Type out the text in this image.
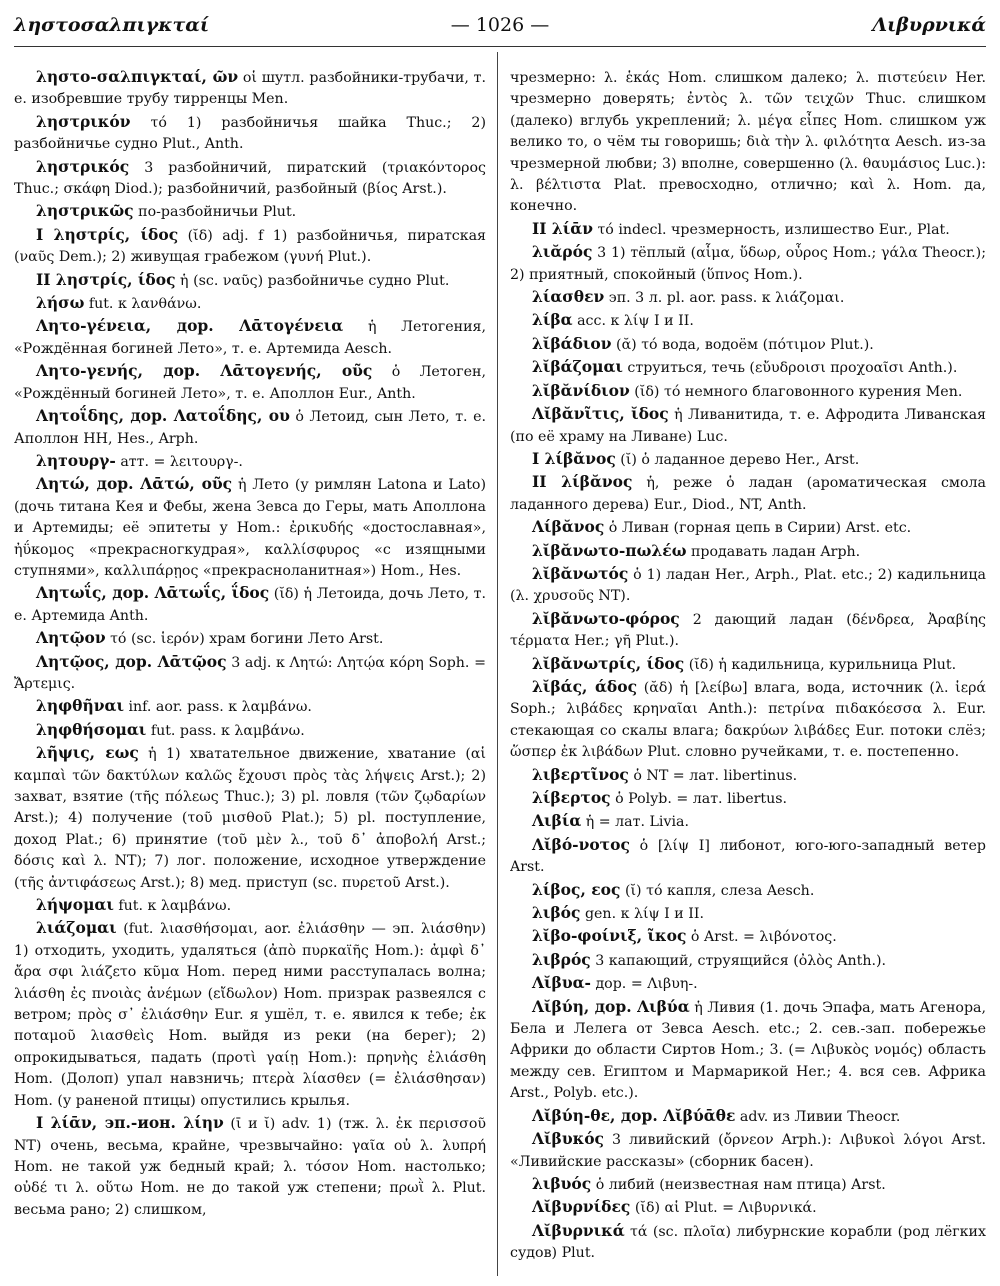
ληστοσαλπιγκταί	— 1026 —	Λιβυρνικά

ληστο-σαλπιγκταί, ῶν οἱ шутл. разбойники-трубачи, т. е. изобревшие трубу тирренцы Men.

ληστρικόν τό 1) разбойничья шайка Thuc.; 2) разбойничье судно Plut., Anth.

ληστρικός 3 разбойничий, пиратский (τριακόντορος Thuc.; σκάφη Diod.); разбойничий, разбойный (βίος Arst.).

ληστρικῶς по-разбойничьи Plut.

I ληστρίς, ίδος (ῐδ) adj. f 1) разбойничья, пиратская (ναῦς Dem.); 2) живущая грабежом (γυνή Plut.).

II ληστρίς, ίδος ἡ (sc. ναῦς) разбойничье судно Plut.

λήσω fut. к λανθάνω.

Λητο-γένεια, дор. Λᾱτογένεια ἡ Летогения, «Рождённая богиней Лето», т. е. Артемида Aesch.

Λητο-γενής, дор. Λᾱτογενής, οῦς ὁ Летоген, «Рождённый богиней Лето», т. е. Аполлон Eur., Anth.

Λητοΐδης, дор. Λατοΐδης, ου ὁ Летоид, сын Лето, т. е. Аполлон HH, Hes., Arph.

ληтоυργ- атт. = λειτουργ-.

Λητώ, дор. Λᾱτώ, οῦς ἡ Лето (у римлян Latona и Lato) (дочь титана Кея и Фебы, жена Зевса до Геры, мать Аполлона и Артемиды; её эпитеты у Hom.: ἐρικυδής «достославная», ἠΰκομος «прекрасногкудрая», καλλίσφυρος «с изящными ступнями», καλλιπάρῃος «прекрасноланитная») Hom., Hes.

Λητωΐς, дор. Λᾱτωΐς, ΐδος (ῐδ) ἡ Летоида, дочь Лето, т. е. Артемида Anth.

Λητῷον τό (sc. ἱερόν) храм богини Лето Arst.

Λητῷος, дор. Λᾱτῷος 3 adj. к Λητώ: Λητῴα κόρη Soph. = Ἄρτεμις.

ληφθῆναι inf. aor. pass. к λαμβάνω.

ληφθήσομαι fut. pass. к λαμβάνω.

λῆψις, εως ἡ 1) хватательное движение, хватание (αἱ καμπαὶ τῶν δακτύλων καλῶς ἔχουσι πρὸς τὰς λήψεις Arst.); 2) захват, взятие (τῆς πόλεως Thuc.); 3) pl. ловля (τῶν ζῳδαρίων Arst.); 4) получение (τοῦ μισθοῦ Plat.); 5) pl. поступление, доход Plat.; 6) принятие (τοῦ μὲν λ., τοῦ δ᾽ ἀποβολή Arst.; δόσις καὶ λ. NT); 7) лог. положение, исходное утверждение (τῆς ἀντιφάσεως Arst.); 8) мед. приступ (sc. πυρετοῦ Arst.).

λήψομαι fut. к λαμβάνω.

λιάζομαι (fut. λιασθήσομαι, aor. ἐλιάσθην — эп. λιάσθην) 1) отходить, уходить, удаляться (ἀπὸ πυρκαϊῆς Hom.): ἀμφὶ δ᾽ ἄρα σφι λιάζετο κῦμα Hom. перед ними расступалась волна; λιάσθη ἐς πνοιὰς ἀνέμων (εἴδωλον) Hom. призрак развеялся с ветром; πρὸς σ᾽ ἐλιάσθην Eur. я ушёл, т. е. явился к тебе; ἐκ ποταμοῦ λιασθεὶς Hom. выйдя из реки (на берег); 2) опрокидываться, падать (προτὶ γαίῃ Hom.): πρηνὴς ἐλιάσθη Hom. (Долоп) упал навзничь; πτερὰ λίασθεν (= ἐλιάσθησαν) Hom. (у раненой птицы) опустились крылья.

I λίᾱν, эп.-ион. λίην (ῑ и ῐ) adv. 1) (тж. λ. ἐκ περισσοῦ NT) очень, весьма, крайне, чрезвычайно: γαῖα οὐ λ. λυπρή Hom. не такой уж бедный край; λ. τόσον Hom. настолько; οὐδέ τι λ. οὕτω Hom. не до такой уж степени; πρωῒ λ. Plut. весьма рано; 2) слишком,

чрезмерно: λ. ἑκάς Hom. слишком далеко; λ. πιστεύειν Her. чрезмерно доверять; ἐντὸς λ. τῶν τειχῶν Thuc. слишком (далеко) вглубь укреплений; λ. μέγα εἶπες Hom. слишком уж велико то, о чём ты говоришь; διὰ τὴν λ. φιλότητα Aesch. из-за чрезмерной любви; 3) вполне, совершенно (λ. θαυμάσιος Luc.): λ. βέλτιστα Plat. превосходно, отлично; καὶ λ. Hom. да, конечно.

II λίᾱν τό indecl. чрезмерность, излишество Eur., Plat.

λιᾰρός 3 1) тёплый (αἷμα, ὕδωρ, οὖρος Hom.; γάλα Theocr.); 2) приятный, спокойный (ὕπνος Hom.).

λίασθεν эп. 3 л. pl. aor. pass. к λιάζομαι.

λίβα асс. к λίψ I и II.

λῐβάδιον (ᾰ) τό вода, водоём (πότιμον Plut.).

λῐβάζομαι струиться, течь (εὔυδροισι προχοαῖσι Anth.).

λῐβᾰνίδιον (ῐδ) τό немного благовонного курения Men.

Λῐβᾰνῖτις, ῐδος ἡ Ливанитида, т. е. Афродита Ливанская (по её храму на Ливане) Luc.

I λίβᾰνος (ῐ) ὁ ладанное дерево Her., Arst.

II λίβᾰνος ἡ, реже ὁ ладан (ароматическая смола ладанного дерева) Eur., Diod., NT, Anth.

Λίβᾰνος ὁ Ливан (горная цепь в Сирии) Arst. etc.

λῐβᾰνωτο-πωλέω продавать ладан Arph.

λῐβᾰνωτός ὁ 1) ладан Her., Arph., Plat. etc.; 2) кадильница (λ. χρυσοῦς NT).

λῐβᾰνωτο-φόρος 2 дающий ладан (δένδρεα, Ἀραβίης τέρματα Her.; γῆ Plut.).

λῐβᾰνωτρίς, ίδος (ῐδ) ἡ кадильница, курильница Plut.

λῐβάς, άδος (ᾰδ) ἡ [λείβω] влага, вода, источник (λ. ἱερά Soph.; λιβάδες κρηναῖαι Anth.): πετρίνα πιδακόεσσα λ. Eur. стекающая со скалы влага; δακρύων λιβάδες Eur. потоки слёз; ὥσπερ ἐκ λιβάδων Plut. словно ручейками, т. е. постепенно.

λιβερτῖνος ὁ NT = лат. libertinus.

λίβερτος ὁ Polyb. = лат. libertus.

Λιβία ἡ = лат. Livia.

Λῐβό-νοτος ὁ [λίψ I] либонот, юго-юго-западный ветер Arst.

λίβος, εος (ῐ) τό капля, слеза Aesch.

λιβός gen. к λίψ I и II.

λῐβο-φοίνιξ, ῖκος ὁ Arst. = λιβόνοτος.

λιβρός 3 капающий, струящийся (ὀλὸς Anth.).

Λῐβυα- дор. = Λιβυη-.

Λῐβύη, дор. Λιβύα ἡ Ливия (1. дочь Эпафа, мать Агенора, Бела и Лелега от Зевса Aesch. etc.; 2. сев.-зап. побережье Африки до области Сиртов Hom.; 3. (= Λιβυκὸς νομός) область между сев. Египтом и Мармарикой Her.; 4. вся сев. Африка Arst., Polyb. etc.).

Λῐβύη-θε, дор. Λῐβύᾱθε adv. из Ливии Theocr.

Λῐβυκός 3 ливийский (ὄρνεον Arph.): Λιβυκοὶ λόγοι Arst. «Ливийские рассказы» (сборник басен).

λιβυός ὁ либий (неизвестная нам птица) Arst.

Λῐβυρνίδες (ῐδ) αἱ Plut. = Λιβυρνικά.

Λῐβυρνικά τά (sc. πλοῖα) либурнские корабли (род лёгких судов) Plut.
